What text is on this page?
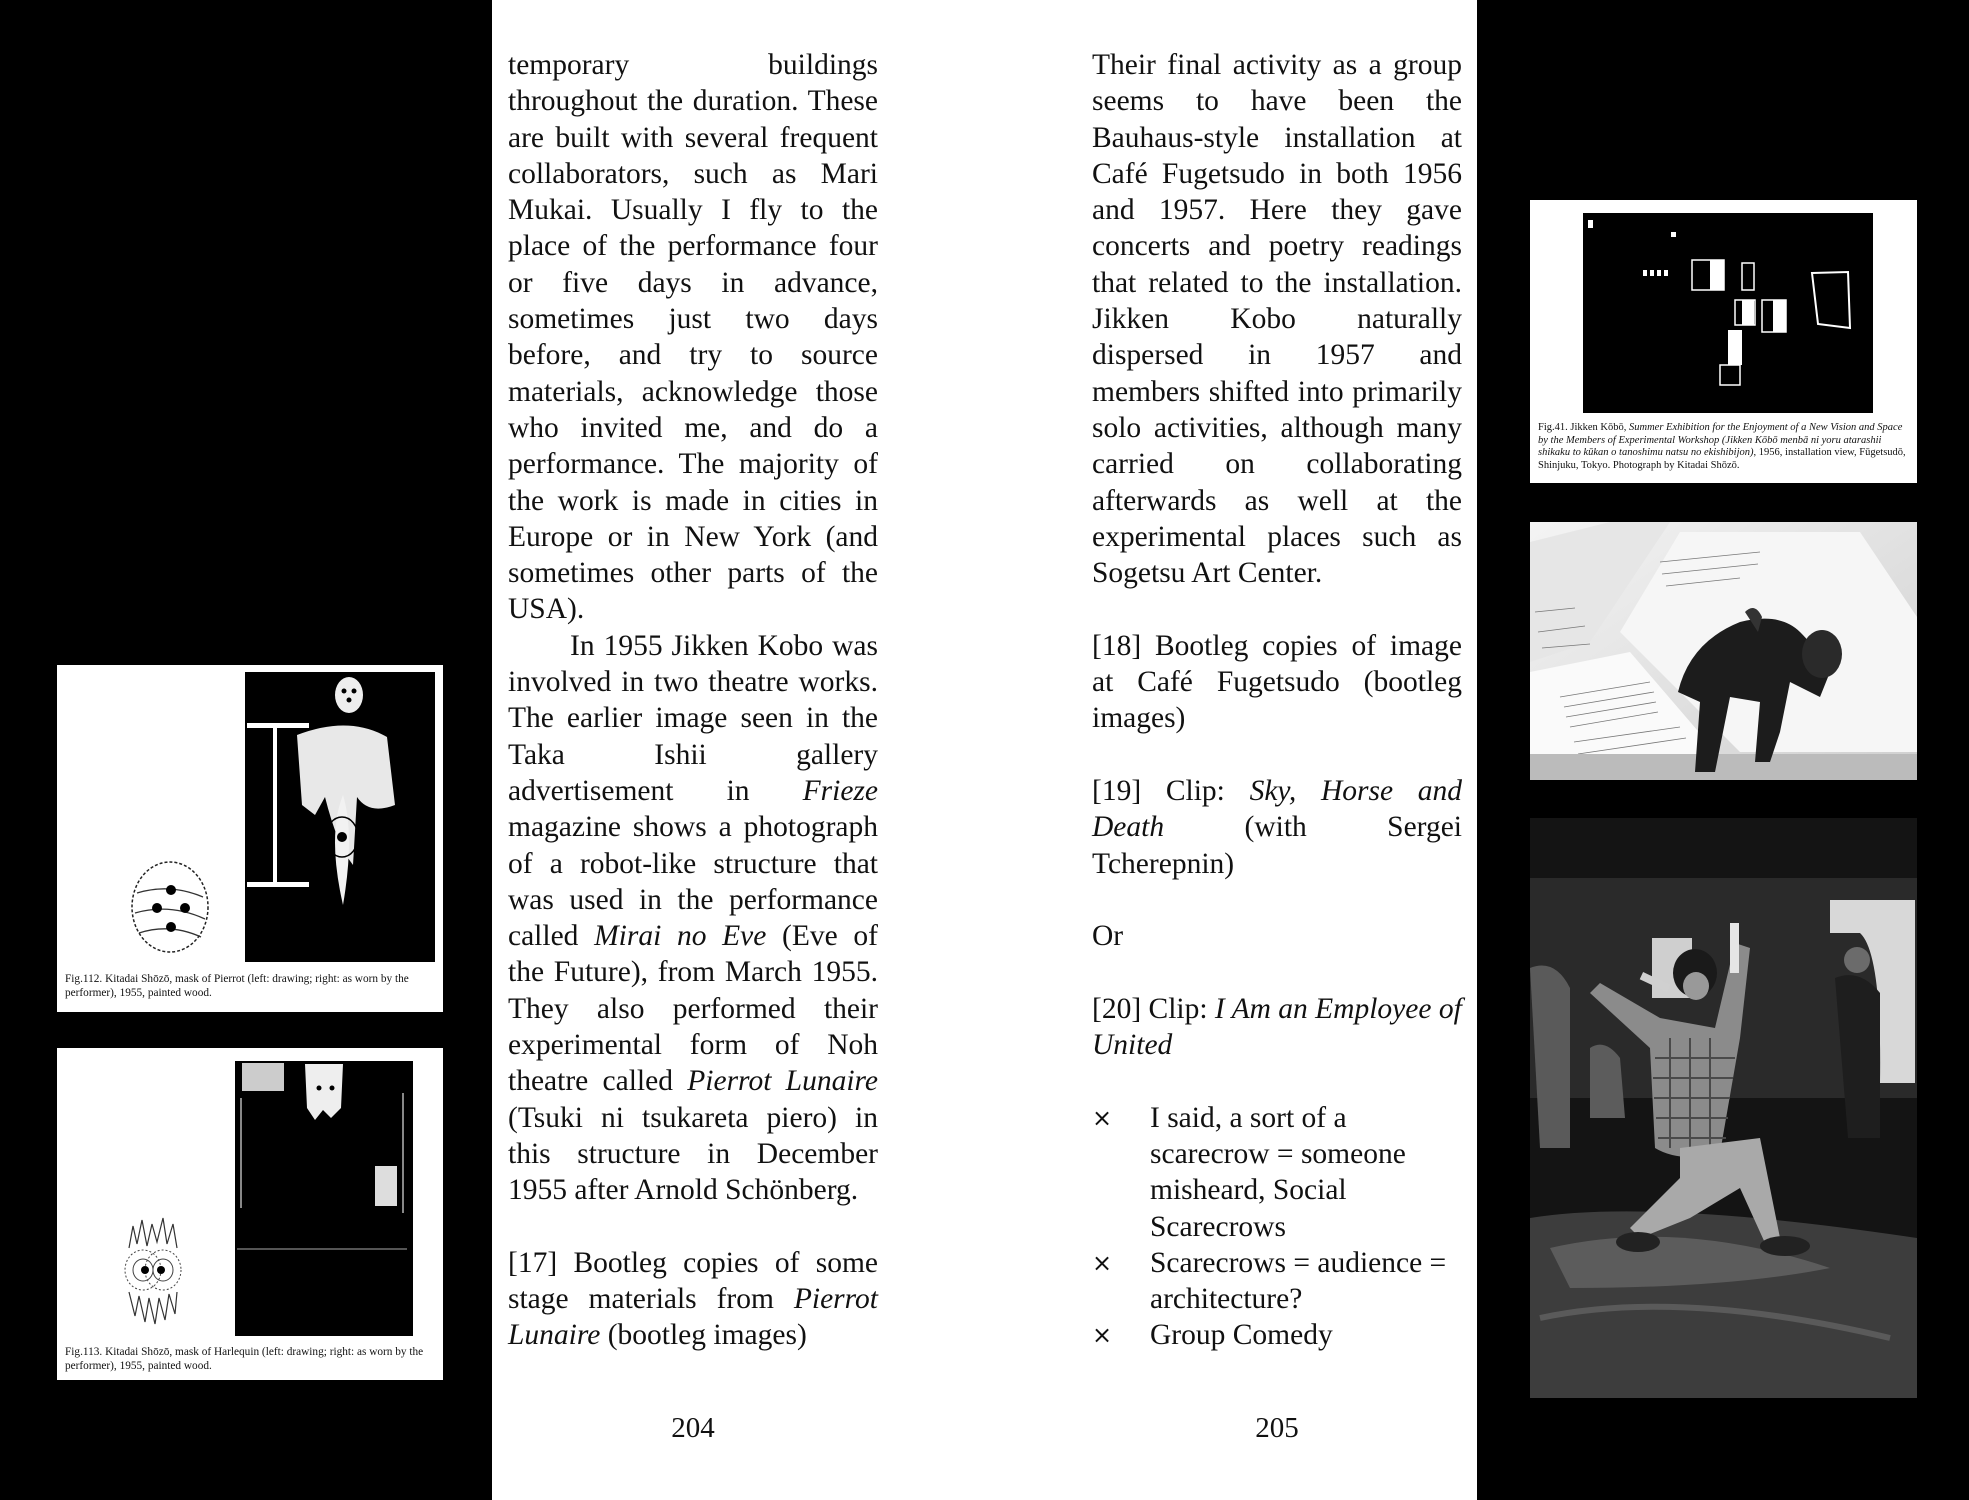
Fig.112. Kitadai Shōzō, mask of Pierrot (left: drawing; right: as worn by the performer), 1955, painted wood.
Fig.113. Kitadai Shōzō, mask of Harlequin (left: drawing; right: as worn by the performer), 1955, painted wood.

temporary buildings throughout the duration. These are built with several frequent collaborators, such as Mari Mukai. Usually I fly to the place of the performance four or five days in advance, sometimes just two days before, and try to source materials, acknowledge those who invited me, and do a performance. The majority of the work is made in cities in Europe or in New York (and sometimes other parts of the USA).

In 1955 Jikken Kobo was involved in two theatre works. The earlier image seen in the Taka Ishii gallery advertisement in Frieze magazine shows a photograph of a robot-like structure that was used in the performance called Mirai no Eve (Eve of the Future), from March 1955. They also performed their experimental form of Noh theatre called Pierrot Lunaire (Tsuki ni tsukareta piero) in this structure in December 1955 after Arnold Schönberg.

[17] Bootleg copies of some stage materials from Pierrot Lunaire (bootleg images)

204

Their final activity as a group seems to have been the Bauhaus-style installation at Café Fugetsudo in both 1956 and 1957. Here they gave concerts and poetry readings that related to the installation. Jikken Kobo naturally dispersed in 1957 and members shifted into primarily solo activities, although many carried on collaborating afterwards as well at the experimental places such as Sogetsu Art Center.

[18] Bootleg copies of image at Café Fugetsudo (bootleg images)

[19] Clip: Sky, Horse and Death (with Sergei Tcherepnin)

Or

[20] Clip: I Am an Employee of United

× I said, a sort of a scarecrow = someone misheard, Social Scarecrows
× Scarecrows = audience = architecture?
× Group Comedy
205
Fig.41. Jikken Kōbō, Summer Exhibition for the Enjoyment of a New Vision and Space by the Members of Experimental Workshop (Jikken Kōbō menbā ni yoru atarashii shikaku to kūkan o tanoshimu natsu no ekishibijon), 1956, installation view, Fūgetsudō, Shinjuku, Tokyo. Photograph by Kitadai Shōzō.
